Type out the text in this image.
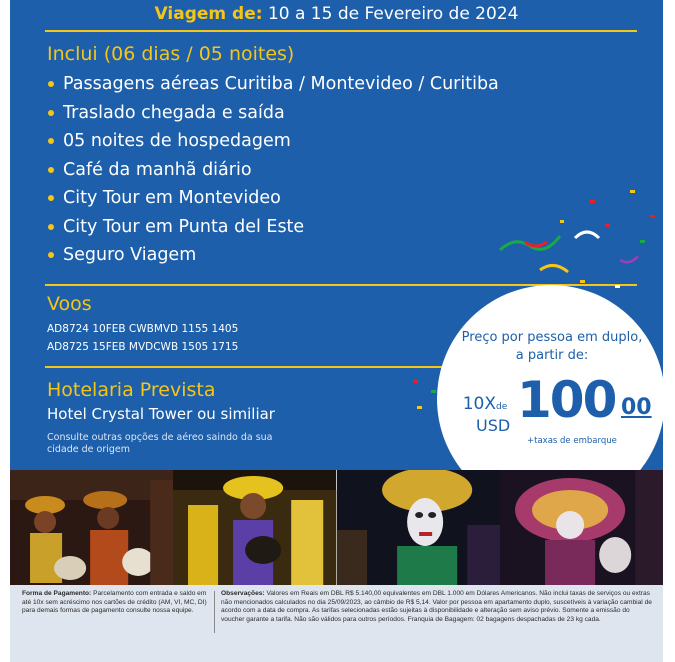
Viagem de: 10 a 15 de Fevereiro de 2024
Inclui (06 dias / 05 noites)
Passagens aéreas Curitiba / Montevideo / Curitiba
Traslado chegada e saída
05 noites de hospedagem
Café da manhã diário
City Tour em Montevideo
City Tour em Punta del Este
Seguro Viagem
Voos
AD8724 10FEB CWBMVD 1155 1405
AD8725 15FEB MVDCWB 1505 1715
Hotelaria Prevista
Hotel Crystal Tower ou similiar
Consulte outras opções de aéreo saindo da sua cidade de origem
Preço por pessoa em duplo, a partir de:
10X de
USD 100 00
+taxas de embarque
Forma de Pagamento: Parcelamento com entrada e saldo em até 10x sem acréscimo nos cartões de crédito (AM, VI, MC, DI) para demais formas de pagamento consulte nossa equipe.
Observações: Valores em Reais em DBL R$ 5.140,00 equivalentes em DBL 1.000 em Dólares Americanos. Não inclui taxas de serviços ou extras não mencionados calculados no dia 25/09/2023, ao câmbio de R$ 5,14. Valor por pessoa em apartamento duplo, suscetíveis à variação cambial de acordo com a data de compra. As tarifas selecionadas estão sujeitas à disponibilidade e alteração sem aviso prévio. Somente a emissão do voucher garante a tarifa. Não são válidos para outros períodos. Franquia de Bagagem: 02 bagagens despachadas de 23 kg cada.
